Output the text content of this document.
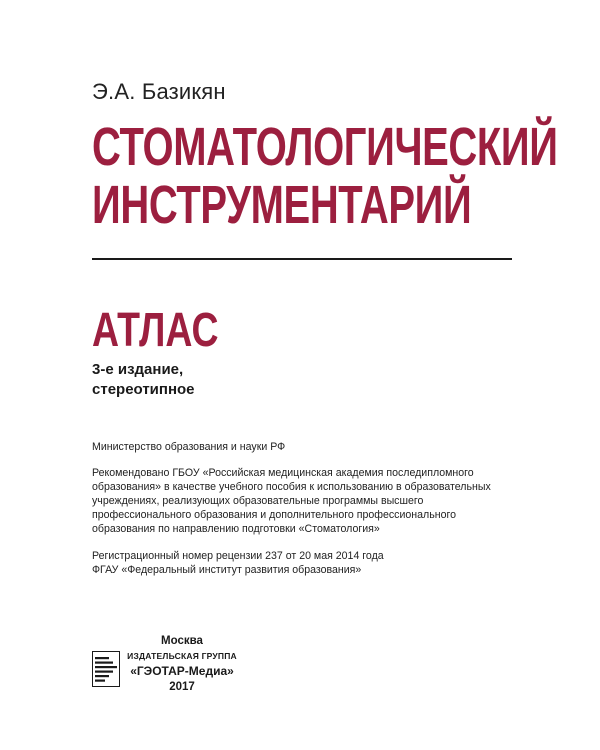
Э.А. Базикян
СТОМАТОЛОГИЧЕСКИЙ
ИНСТРУМЕНТАРИЙ
АТЛАС
3-е издание,
стереотипное
Министерство образования и науки РФ
Рекомендовано ГБОУ «Российская медицинская академия последипломного
образования» в качестве учебного пособия к использованию в образовательных
учреждениях, реализующих образовательные программы высшего
профессионального образования и дополнительного профессионального
образования по направлению подготовки «Стоматология»
Регистрационный номер рецензии 237 от 20 мая 2014 года
ФГАУ «Федеральный институт развития образования»
Москва
ИЗДАТЕЛЬСКАЯ ГРУППА
«ГЭОТАР-Медиа»
2017
